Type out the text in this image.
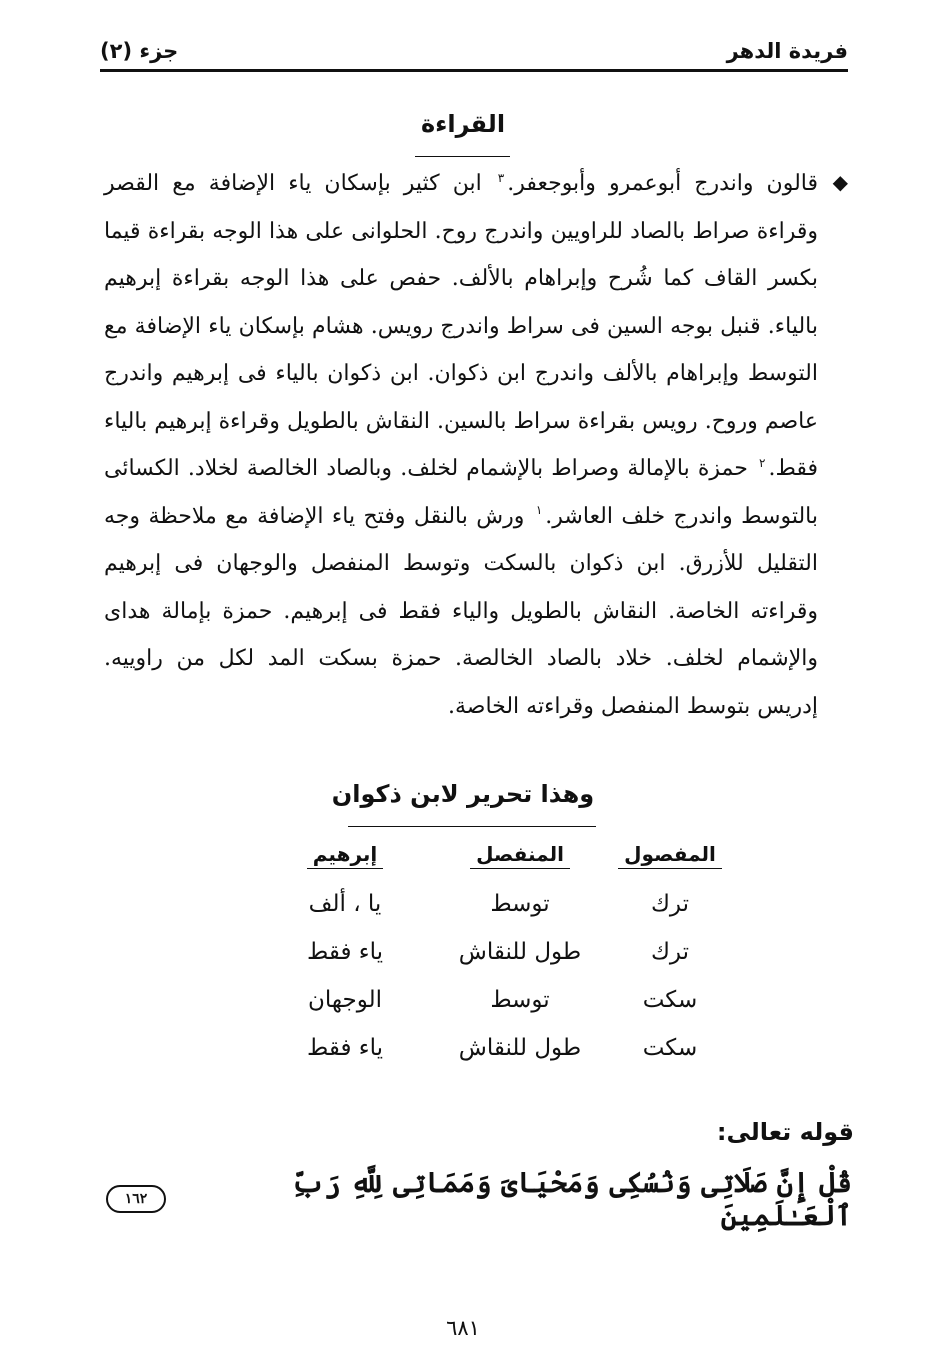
فريدة الدهر
جزء (٢)
القراءة
◆
قالون واندرج أبوعمرو وأبوجعفر.$^٣$ ابن كثير بإسكان ياء الإضافة مع القصر وقراءة صراط بالصاد للراويين واندرج روح. الحلوانى على هذا الوجه بقراءة قيما بكسر القاف كما شُرح وإبراهام بالألف. حفص على هذا الوجه بقراءة إبرهيم بالياء. قنبل بوجه السين فى سراط واندرج رويس. هشام بإسكان ياء الإضافة مع التوسط وإبراهام بالألف واندرج ابن ذكوان. ابن ذكوان بالياء فى إبرهيم واندرج عاصم وروح. رويس بقراءة سراط بالسين. النقاش بالطويل وقراءة إبرهيم بالياء فقط.$^٢$ حمزة بالإمالة وصراط بالإشمام لخلف. وبالصاد الخالصة لخلاد. الكسائى بالتوسط واندرج خلف العاشر.$^١$ ورش بالنقل وفتح ياء الإضافة مع ملاحظة وجه التقليل للأزرق. ابن ذكوان بالسكت وتوسط المنفصل والوجهان فى إبرهيم وقراءته الخاصة. النقاش بالطويل والياء فقط فى إبرهيم. حمزة بإمالة هداى والإشمام لخلف. خلاد بالصاد الخالصة. حمزة بسكت المد لكل من راوييه. إدريس بتوسط المنفصل وقراءته الخاصة.
وهذا تحرير لابن ذكوان
المفصول
المنفصل
إبرهيم
ترك
توسط
يا ، ألف
ترك
طول للنقاش
ياء فقط
سكت
توسط
الوجهان
سكت
طول للنقاش
ياء فقط
قوله تعالى:
قُلْ إِنَّ صَلَاتِى وَنُسُكِى وَمَحْيَاىَ وَمَمَاتِى لِلَّهِ رَبِّ ٱلْعَـٰلَمِينَ
١٦٢
٦٨١
